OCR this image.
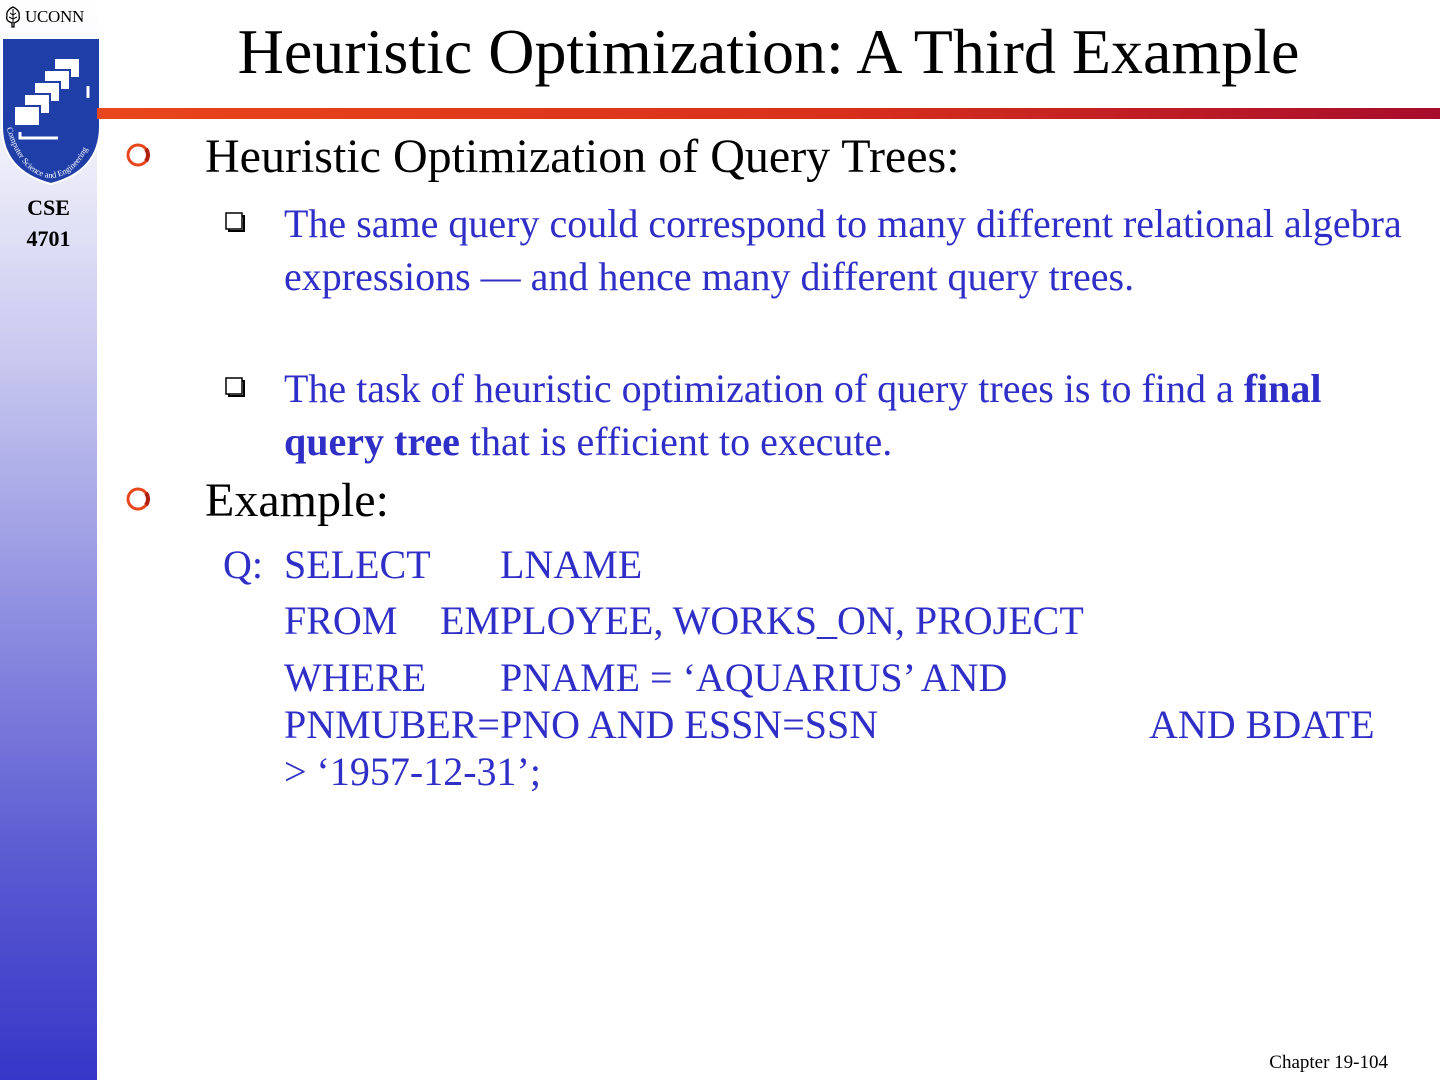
UCONN
Computer Science and Engineering
CSE
4701
Heuristic Optimization: A Third Example
Heuristic Optimization of Query Trees:
The same query could correspond to many different relational algebra expressions — and hence many different query trees.
The task of heuristic optimization of query trees is to find a final query tree that is efficient to execute.
Example:
Q: SELECT LNAME
FROM EMPLOYEE, WORKS_ON, PROJECT
WHERE PNAME = ‘AQUARIUS’ AND
PNMUBER=PNO AND ESSN=SSN	AND BDATE
> ‘1957-12-31’;
Chapter 19-104
